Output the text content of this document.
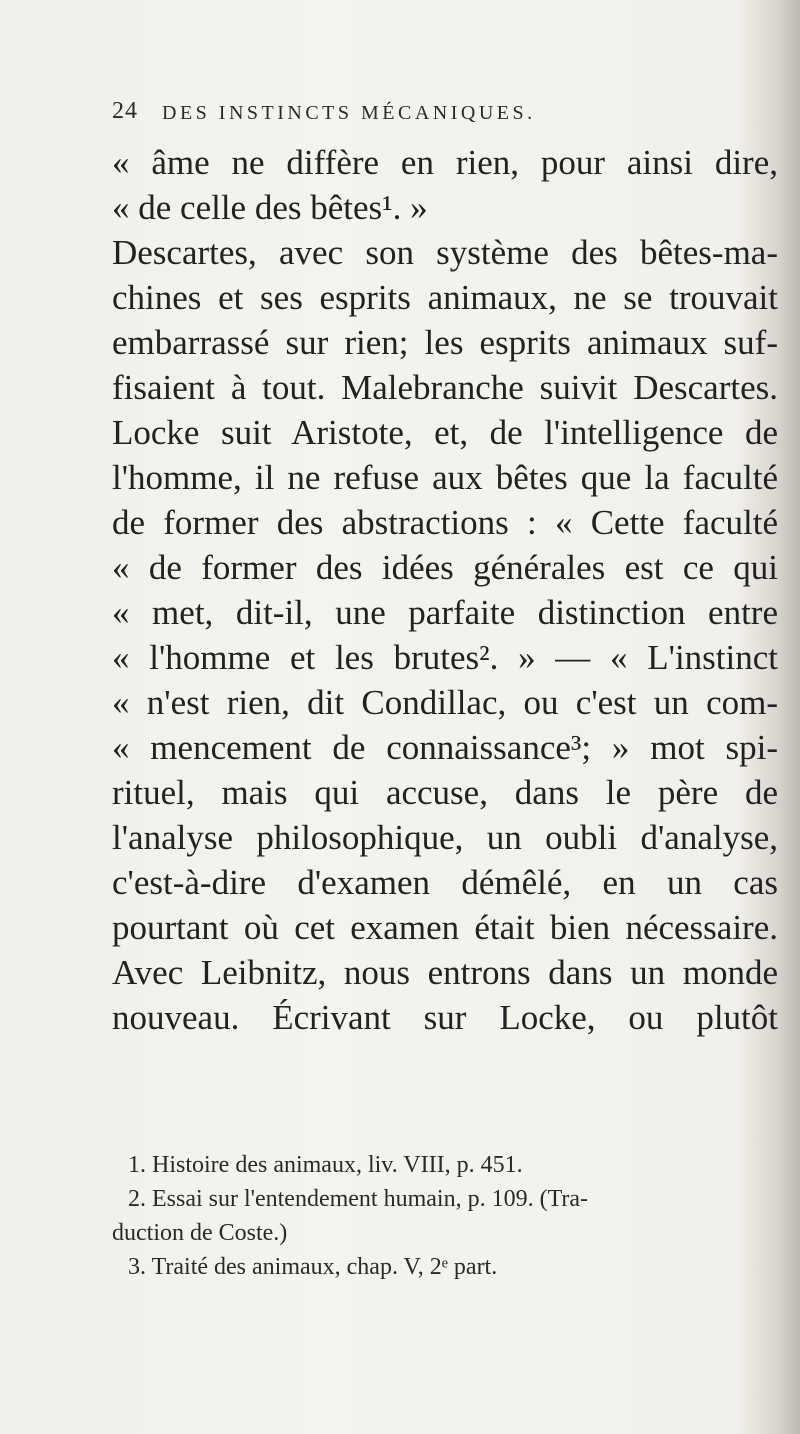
24 DES INSTINCTS MÉCANIQUES.
« âme ne diffère en rien, pour ainsi dire,
« de celle des bêtes¹. »
Descartes, avec son système des bêtes-ma-
chines et ses esprits animaux, ne se trouvait
embarrassé sur rien; les esprits animaux suf-
fisaient à tout. Malebranche suivit Descartes.
Locke suit Aristote, et, de l'intelligence de
l'homme, il ne refuse aux bêtes que la faculté
de former des abstractions : « Cette faculté
« de former des idées générales est ce qui
« met, dit-il, une parfaite distinction entre
« l'homme et les brutes². » — « L'instinct
« n'est rien, dit Condillac, ou c'est un com-
« mencement de connaissance³; » mot spi-
rituel, mais qui accuse, dans le père de
l'analyse philosophique, un oubli d'analyse,
c'est-à-dire d'examen démêlé, en un cas
pourtant où cet examen était bien nécessaire.
Avec Leibnitz, nous entrons dans un monde
nouveau. Écrivant sur Locke, ou plutôt
1. Histoire des animaux, liv. VIII, p. 451.
2. Essai sur l'entendement humain, p. 109. (Tra-
duction de Coste.)
3. Traité des animaux, chap. V, 2ᵉ part.
